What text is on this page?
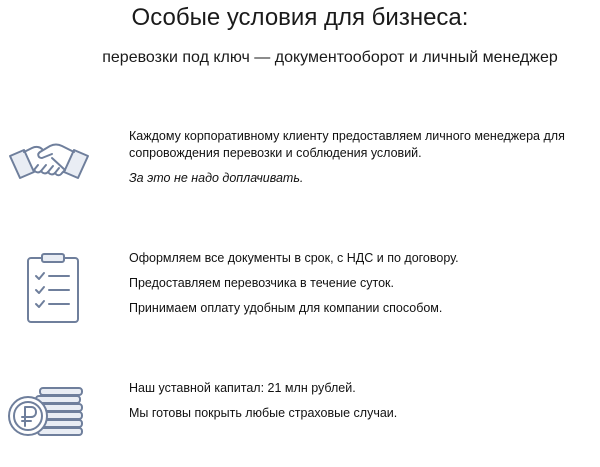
Особые условия для бизнеса:
перевозки под ключ — документооборот и личный менеджер

Каждому корпоративному клиенту предоставляем личного менеджера для сопровождения перевозки и соблюдения условий.

За это не надо доплачивать.

Оформляем все документы в срок, с НДС и по договору.

Предоставляем перевозчика в течение суток.

Принимаем оплату удобным для компании способом.

Наш уставной капитал: 21 млн рублей.

Мы готовы покрыть любые страховые случаи.
